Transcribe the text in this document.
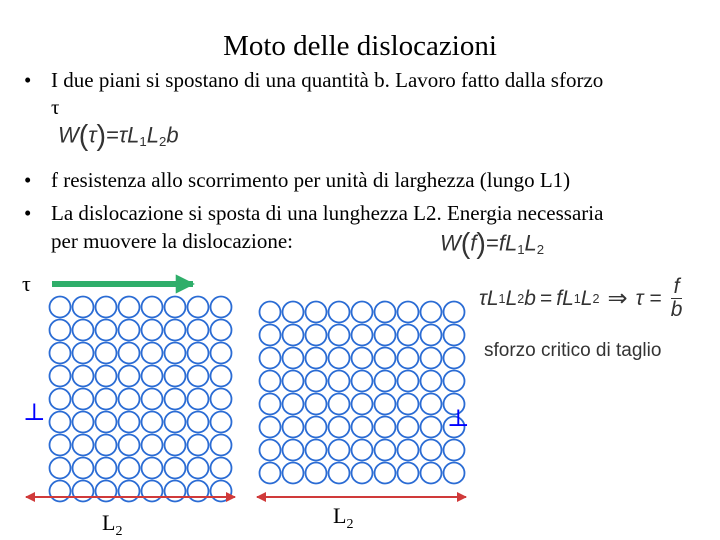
Moto delle dislocazioni
• I due piani si spostano di una quantità b. Lavoro fatto dalla sforzo
τ
$W(\tau)=\tau L_1L_2b$
• f resistenza allo scorrimento per unità di larghezza (lungo L1)
• La dislocazione si sposta di una lunghezza L2. Energia necessaria
per muovere la dislocazione:	$W(f)=fL_1L_2$
τ L 1 L 2 b = f L 1 L 2 ⇒ $\tau = \frac{f}{b}$
sforzo critico di taglio
τ
⊥	⊥
$L_2$
$L_2$
